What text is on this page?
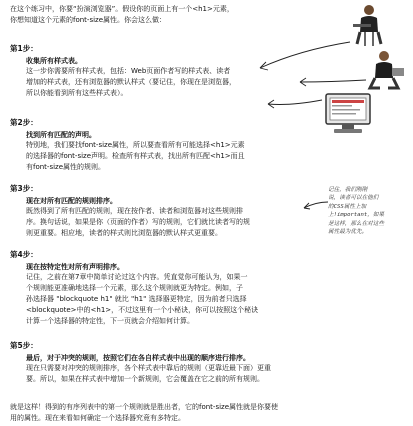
在这个练习中，你要“扮演浏览器”。假设你的页面上有一个<h1>元素，
你想知道这个元素的font-size属性。你会这么做：
第1步：
收集所有样式表。
这一步你需要所有样式表，包括：Web页面作者写的样式表、读者
增加的样式表，还有浏览器的默认样式（要记住，你现在是浏览器，
所以你能看到所有这些样式表）。
第2步：
找到所有匹配的声明。
特别地，我们要找font-size属性，所以要查看所有可能选择<h1>元素
的选择器的font-size声明。检查所有样式表，找出所有匹配<h1>而且
有font-size属性的规则。
第3步：
现在对所有匹配的规则排序。
既然得到了所有匹配的规则，现在按作者、读者和浏览器对这些规则排
序。换句话说，如果是你（页面的作者）写的规则，它们就比读者写的规
则更重要。相应地，读者的样式则比浏览器的默认样式更重要。
第4步：
现在按特定性对所有声明排序。
记住，之前在第7章中简单讨论过这个内容。凭直觉你可能认为，如果一
个规则能更准确地选择一个元素，那么这个规则就更为特定。例如，子
孙选择器 "blockquote h1" 就比 "h1" 选择器更特定，因为前者只选择
<blockquote>中的<h1>，不过这里有一个小秘诀，你可以按照这个秘诀
计算一个选择器的特定性，下一页就会介绍如何计算。
第5步：
最后，对于冲突的规则，按照它们在各自样式表中出现的顺序进行排序。
现在只需要对冲突的规则排序，各个样式表中靠后的规则（更靠近最下面）更重
要。所以，如果在样式表中增加一个新规则，它会覆盖在它之前的所有规则。
就是这样！得到的有序列表中的第一个规则就是胜出者，它的font-size属性就是你要使
用的属性。现在来看如何确定一个选择器究竟有多特定。
记住，我们刚刚
说，读者可以在他们
的CSS属性上加
上!important，如果
是这样，那么在对这些
属性最为优先。
